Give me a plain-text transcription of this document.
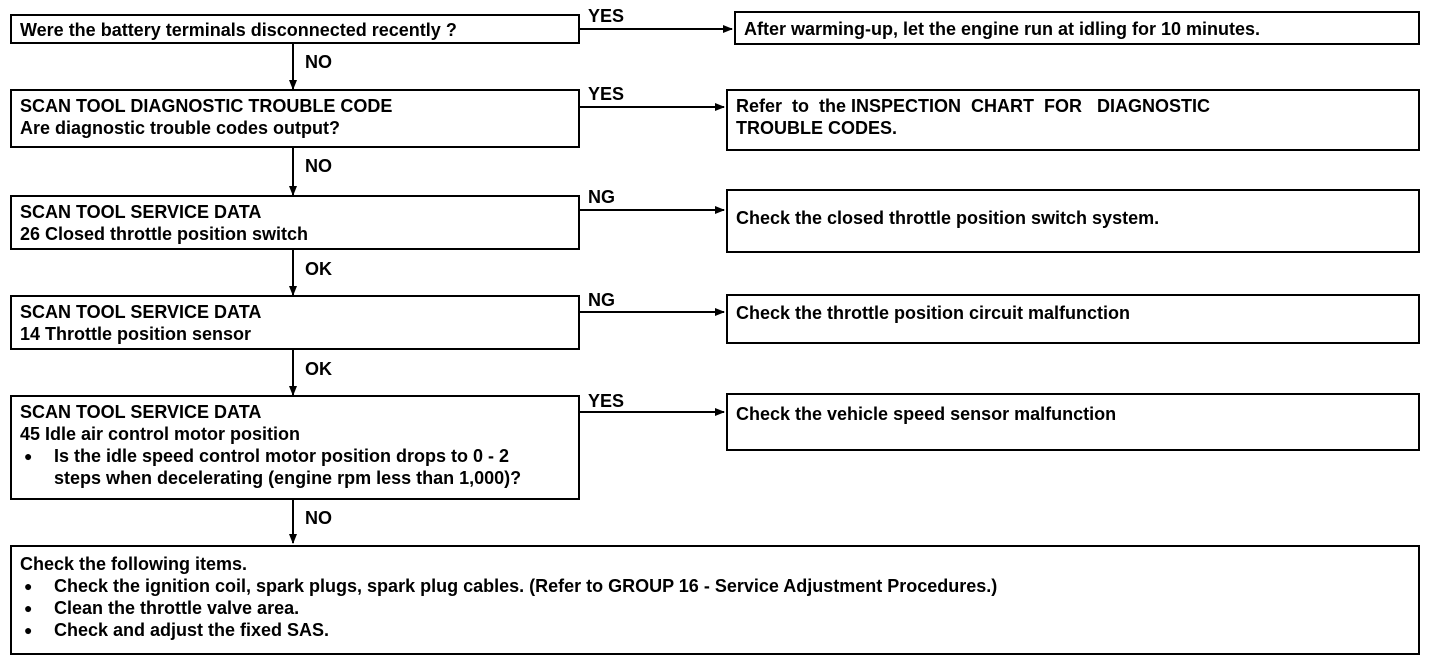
Were the battery terminals disconnected recently ?	After warming-up, let the engine run at idling for 10 minutes.
SCAN TOOL DIAGNOSTIC TROUBLE CODE
Are diagnostic trouble codes output?
Refer  to  the INSPECTION  CHART  FOR   DIAGNOSTIC
TROUBLE CODES.
SCAN TOOL SERVICE DATA
26 Closed throttle position switch
Check the closed throttle position switch system.
SCAN TOOL SERVICE DATA
14 Throttle position sensor
Check the throttle position circuit malfunction
SCAN TOOL SERVICE DATA
45 Idle air control motor position
● Is the idle speed control motor position drops to 0 - 2
steps when decelerating (engine rpm less than 1,000)?
Check the vehicle speed sensor malfunction
Check the following items.
● Check the ignition coil, spark plugs, spark plug cables. (Refer to GROUP 16 - Service Adjustment Procedures.)
● Clean the throttle valve area.
● Check and adjust the fixed SAS.
YES
NO
YES
NO
NG
OK
NG
OK
YES
NO
